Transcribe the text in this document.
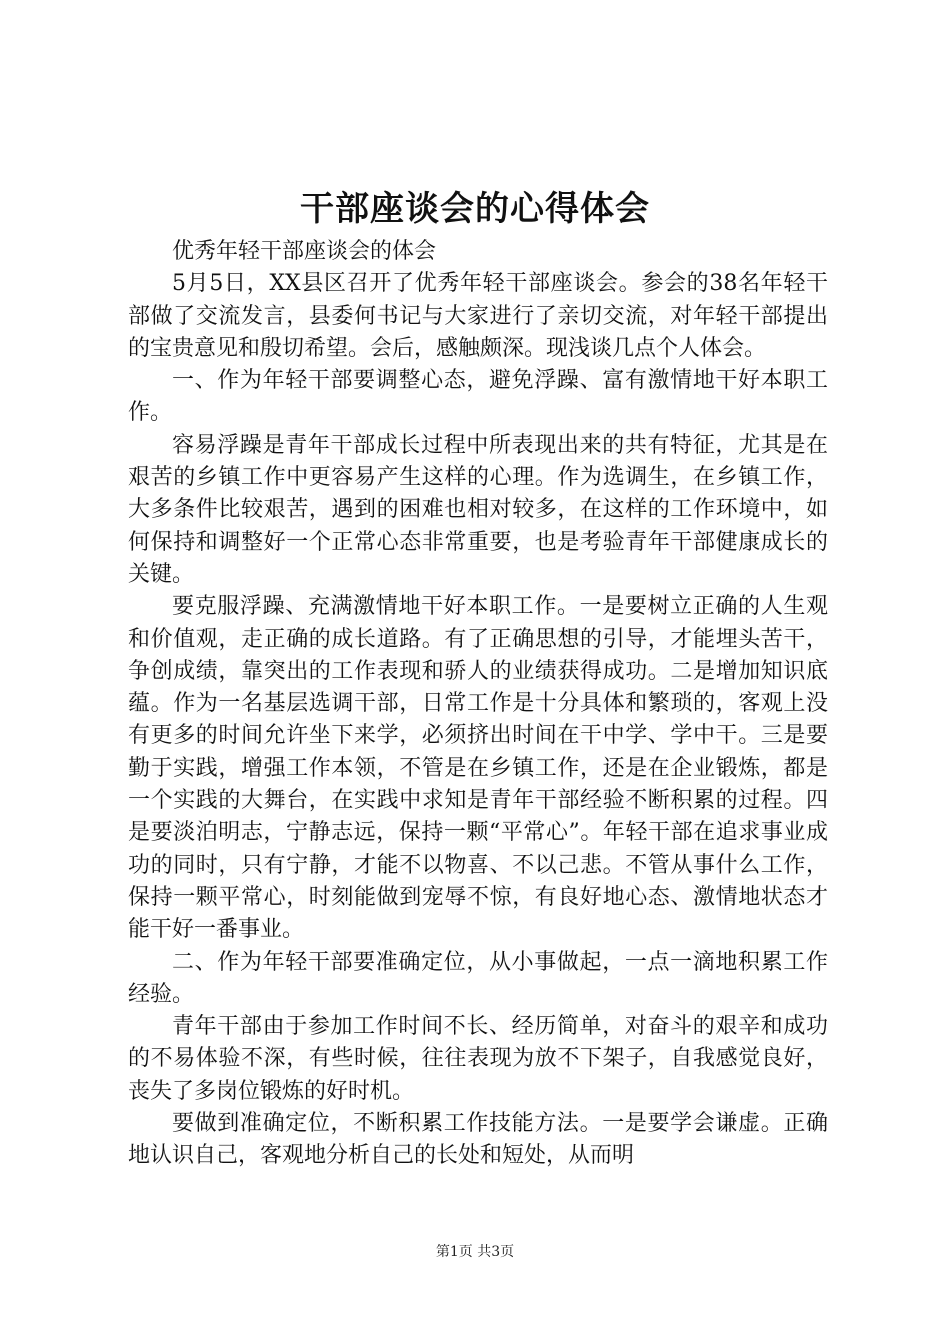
干部座谈会的心得体会

优秀年轻干部座谈会的体会

5月5日，XX县区召开了优秀年轻干部座谈会。参会的38名年轻干部做了交流发言，县委何书记与大家进行了亲切交流，对年轻干部提出的宝贵意见和殷切希望。会后，感触颇深。现浅谈几点个人体会。

一、作为年轻干部要调整心态，避免浮躁、富有激情地干好本职工作。

容易浮躁是青年干部成长过程中所表现出来的共有特征，尤其是在艰苦的乡镇工作中更容易产生这样的心理。作为选调生，在乡镇工作，大多条件比较艰苦，遇到的困难也相对较多，在这样的工作环境中，如何保持和调整好一个正常心态非常重要，也是考验青年干部健康成长的关键。

要克服浮躁、充满激情地干好本职工作。一是要树立正确的人生观和价值观，走正确的成长道路。有了正确思想的引导，才能埋头苦干，争创成绩，靠突出的工作表现和骄人的业绩获得成功。二是增加知识底蕴。作为一名基层选调干部，日常工作是十分具体和繁琐的，客观上没有更多的时间允许坐下来学，必须挤出时间在干中学、学中干。三是要勤于实践，增强工作本领，不管是在乡镇工作，还是在企业锻炼，都是一个实践的大舞台，在实践中求知是青年干部经验不断积累的过程。四是要淡泊明志，宁静志远，保持一颗“平常心”。年轻干部在追求事业成功的同时，只有宁静，才能不以物喜、不以己悲。不管从事什么工作，保持一颗平常心，时刻能做到宠辱不惊，有良好地心态、激情地状态才能干好一番事业。

二、作为年轻干部要准确定位，从小事做起，一点一滴地积累工作经验。

青年干部由于参加工作时间不长、经历简单，对奋斗的艰辛和成功的不易体验不深，有些时候，往往表现为放不下架子，自我感觉良好，丧失了多岗位锻炼的好时机。

要做到准确定位，不断积累工作技能方法。一是要学会谦虚。正确地认识自己，客观地分析自己的长处和短处，从而明

第1页 共3页
